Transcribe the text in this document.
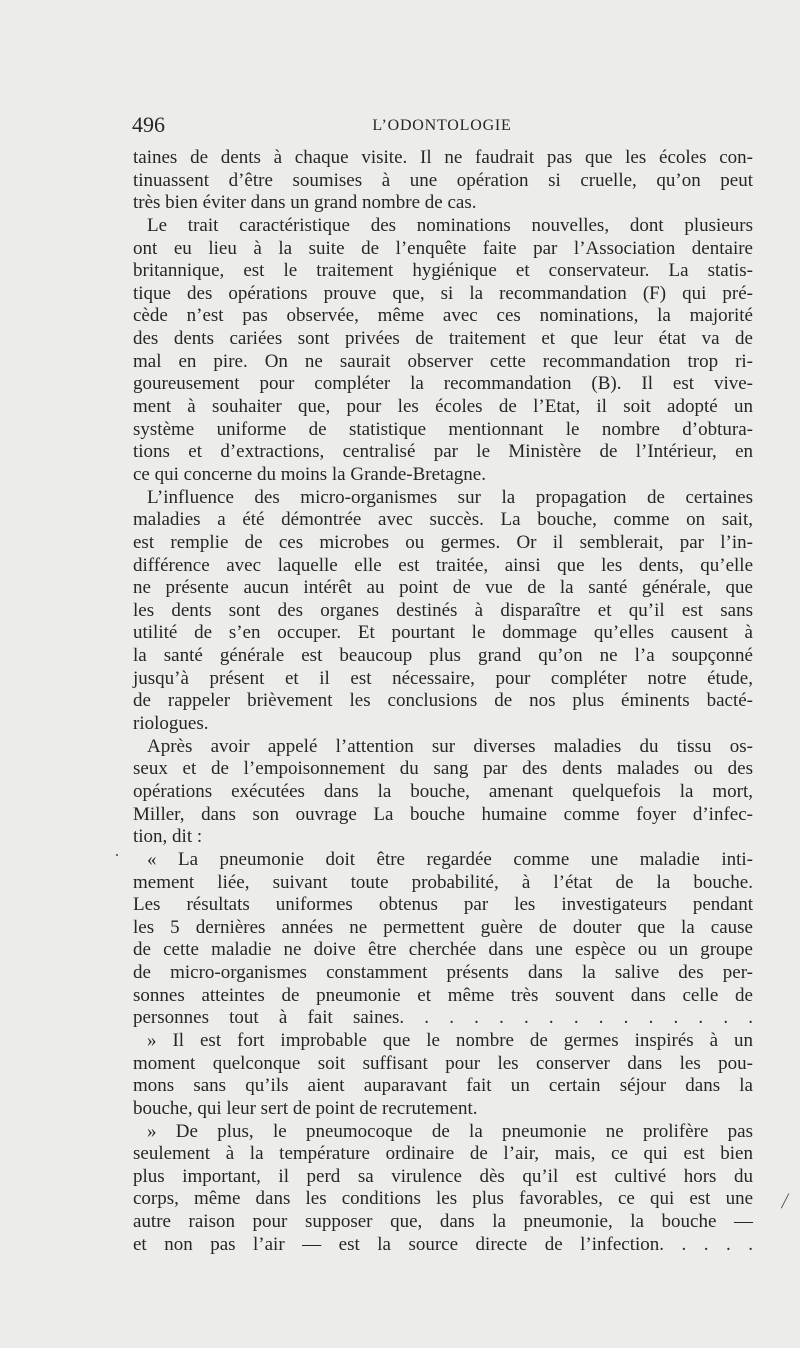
496	L’ODONTOLOGIE
taines de dents à chaque visite. Il ne faudrait pas que les écoles con-
tinuassent d’être soumises à une opération si cruelle, qu’on peut
très bien éviter dans un grand nombre de cas.
Le trait caractéristique des nominations nouvelles, dont plusieurs
ont eu lieu à la suite de l’enquête faite par l’Association dentaire
britannique, est le traitement hygiénique et conservateur. La statis-
tique des opérations prouve que, si la recommandation (F) qui pré-
cède n’est pas observée, même avec ces nominations, la majorité
des dents cariées sont privées de traitement et que leur état va de
mal en pire. On ne saurait observer cette recommandation trop ri-
goureusement pour compléter la recommandation (B). Il est vive-
ment à souhaiter que, pour les écoles de l’Etat, il soit adopté un
système uniforme de statistique mentionnant le nombre d’obtura-
tions et d’extractions, centralisé par le Ministère de l’Intérieur, en
ce qui concerne du moins la Grande-Bretagne.
L’influence des micro-organismes sur la propagation de certaines
maladies a été démontrée avec succès. La bouche, comme on sait,
est remplie de ces microbes ou germes. Or il semblerait, par l’in-
différence avec laquelle elle est traitée, ainsi que les dents, qu’elle
ne présente aucun intérêt au point de vue de la santé générale, que
les dents sont des organes destinés à disparaître et qu’il est sans
utilité de s’en occuper. Et pourtant le dommage qu’elles causent à
la santé générale est beaucoup plus grand qu’on ne l’a soupçonné
jusqu’à présent et il est nécessaire, pour compléter notre étude,
de rappeler brièvement les conclusions de nos plus éminents bacté-
riologues.
Après avoir appelé l’attention sur diverses maladies du tissu os-
seux et de l’empoisonnement du sang par des dents malades ou des
opérations exécutées dans la bouche, amenant quelquefois la mort,
Miller, dans son ouvrage La bouche humaine comme foyer d’infec-
tion, dit :
« La pneumonie doit être regardée comme une maladie inti-
mement liée, suivant toute probabilité, à l’état de la bouche.
Les résultats uniformes obtenus par les investigateurs pendant
les 5 dernières années ne permettent guère de douter que la cause
de cette maladie ne doive être cherchée dans une espèce ou un groupe
de micro-organismes constamment présents dans la salive des per-
sonnes atteintes de pneumonie et même très souvent dans celle de
personnes tout à fait saines. . . . . . . . . . . . . . .
» Il est fort improbable que le nombre de germes inspirés à un
moment quelconque soit suffisant pour les conserver dans les pou-
mons sans qu’ils aient auparavant fait un certain séjour dans la
bouche, qui leur sert de point de recrutement.
» De plus, le pneumocoque de la pneumonie ne prolifère pas
seulement à la température ordinaire de l’air, mais, ce qui est bien
plus important, il perd sa virulence dès qu’il est cultivé hors du
corps, même dans les conditions les plus favorables, ce qui est une
autre raison pour supposer que, dans la pneumonie, la bouche —
et non pas l’air — est la source directe de l’infection. . . . .
·
/
